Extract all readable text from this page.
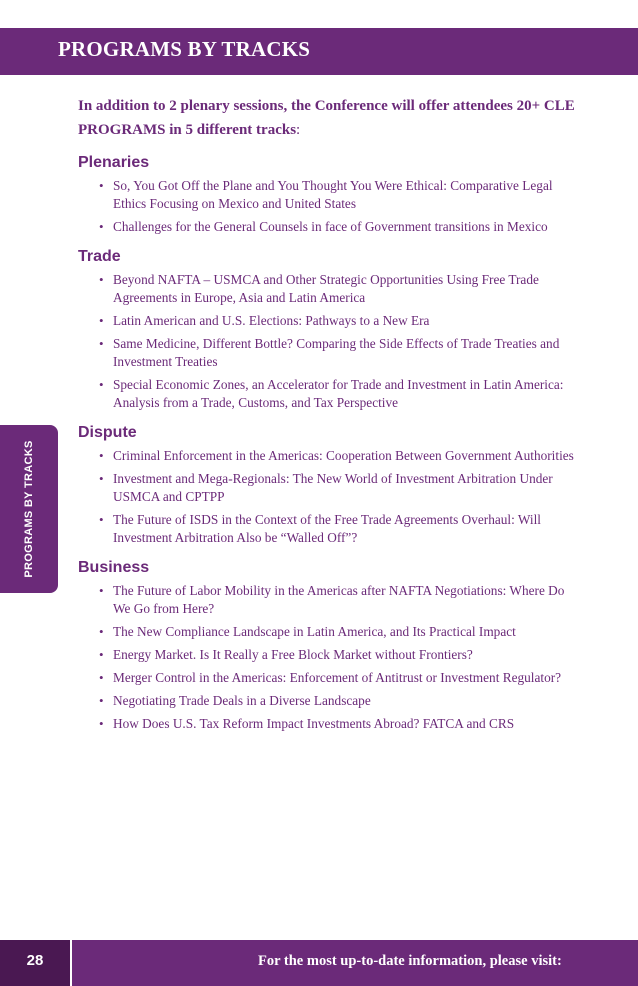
PROGRAMS BY TRACKS
PROGRAMS BY TRACKS

In addition to 2 plenary sessions, the Conference will offer attendees 20+ CLE PROGRAMS in 5 different tracks:

Plenaries
• So, You Got Off the Plane and You Thought You Were Ethical: Comparative Legal Ethics Focusing on Mexico and United States
• Challenges for the General Counsels in face of Government transitions in Mexico
Trade
• Beyond NAFTA – USMCA and Other Strategic Opportunities Using Free Trade Agreements in Europe, Asia and Latin America
• Latin American and U.S. Elections: Pathways to a New Era
• Same Medicine, Different Bottle? Comparing the Side Effects of Trade Treaties and Investment Treaties
• Special Economic Zones, an Accelerator for Trade and Investment in Latin America: Analysis from a Trade, Customs, and Tax Perspective
Dispute
• Criminal Enforcement in the Americas: Cooperation Between Government Authorities
• Investment and Mega-Regionals: The New World of Investment Arbitration Under USMCA and CPTPP
• The Future of ISDS in the Context of the Free Trade Agreements Overhaul: Will Investment Arbitration Also be “Walled Off”?
Business
• The Future of Labor Mobility in the Americas after NAFTA Negotiations: Where Do We Go from Here?
• The New Compliance Landscape in Latin America, and Its Practical Impact
• Energy Market. Is It Really a Free Block Market without Frontiers?
• Merger Control in the Americas: Enforcement of Antitrust or Investment Regulator?
• Negotiating Trade Deals in a Diverse Landscape
• How Does U.S. Tax Reform Impact Investments Abroad? FATCA and CRS
28	For the most up-to-date information, please visit:
